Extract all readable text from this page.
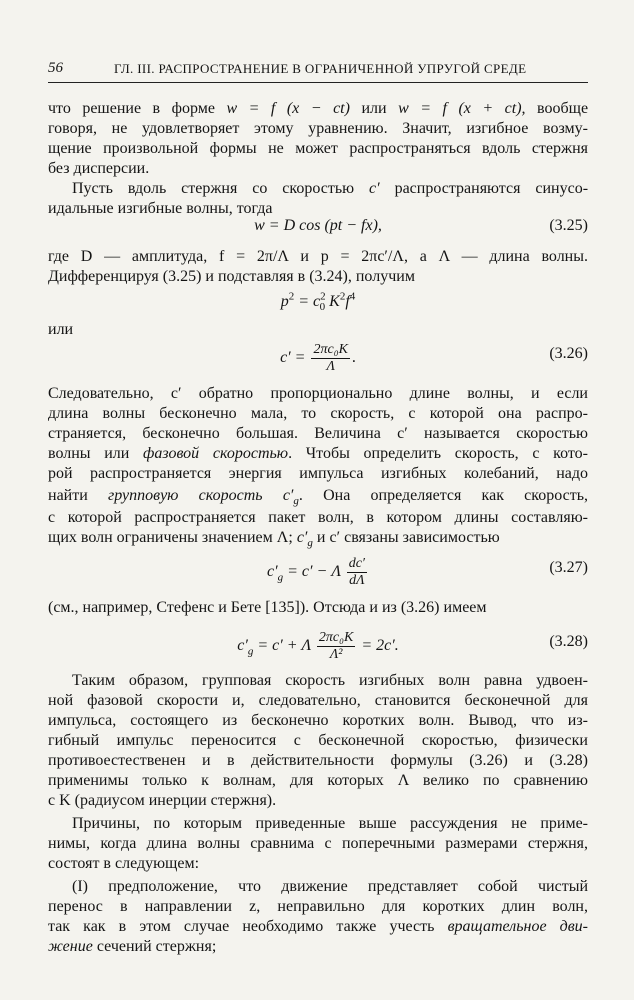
56	ГЛ. III. РАСПРОСТРАНЕНИЕ В ОГРАНИЧЕННОЙ УПРУГОЙ СРЕДЕ
что решение в форме w = f (x − ct) или w = f (x + ct), вообще
говоря, не удовлетворяет этому уравнению. Значит, изгибное возму-
щение произвольной формы не может распространяться вдоль стержня
без дисперсии.
Пусть вдоль стержня со скоростью c′ распространяются синусо-
идальные изгибные волны, тогда
w = D cos (pt − fx),	(3.25)
где D — амплитуда, f = 2π/Λ и p = 2πc′/Λ, а Λ — длина волны.
Дифференцируя (3.25) и подставляя в (3.24), получим
$p^2 = c^2_0$ $K^2f^4$
или
$c' = \frac{\text{2πc₀K}}{\Lambda}$ .	(3.26)
Следовательно, c′ обратно пропорционально длине волны, и если
длина волны бесконечно мала, то скорость, с которой она распро-
страняется, бесконечно большая. Величина c′ называется скоростью
волны или фазовой скоростью. Чтобы определить скорость, с кото-
рой распространяется энергия импульса изгибных колебаний, надо
найти групповую скорость $c'_g$. Она определяется как скорость,
с которой распространяется пакет волн, в котором длины составляю-
щих волн ограничены значением Λ; $c'_g$ и c′ связаны зависимостью
$c'_g = c' - \Lambda \frac{dc'}{d\Lambda}$	(3.27)
(см., например, Стефенс и Бете [135]). Отсюда и из (3.26) имеем
$c'_g = c' + \Lambda \frac{\text{2πc₀K}}{\text{Λ²}} = 2c'$.	(3.28)
Таким образом, групповая скорость изгибных волн равна удвоен-
ной фазовой скорости и, следовательно, становится бесконечной для
импульса, состоящего из бесконечно коротких волн. Вывод, что из-
гибный импульс переносится с бесконечной скоростью, физически
противоестественен и в действительности формулы (3.26) и (3.28)
применимы только к волнам, для которых Λ велико по сравнению
с K (радиусом инерции стержня).
Причины, по которым приведенные выше рассуждения не приме-
нимы, когда длина волны сравнима с поперечными размерами стержня,
состоят в следующем:
(I) предположение, что движение представляет собой чистый
перенос в направлении z, неправильно для коротких длин волн,
так как в этом случае необходимо также учесть вращательное дви-
жение сечений стержня;
